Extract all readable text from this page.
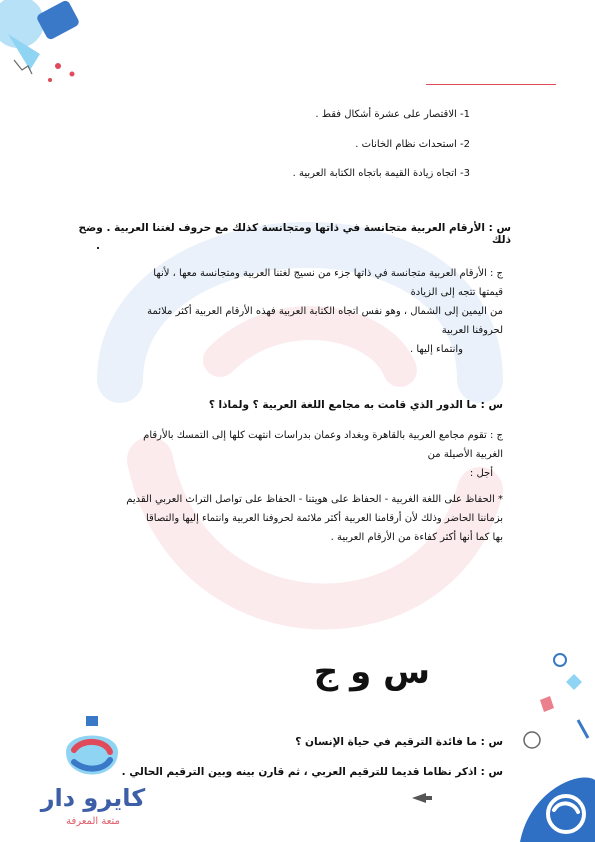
1- الاقتصار على عشرة أشكال فقط .
2- استحداث نظام الخانات .
3- اتجاه زيادة القيمة باتجاه الكتابة العربية .
س : الأرقام العربية متجانسة في ذاتها ومتجانسة كذلك مع حروف لغتنا العربية . وضح ذلك
.
ج : الأرقام العربية متجانسة في ذاتها جزء من نسيج لغتنا العربية ومتجانسة معها ، لأنها
قيمتها تتجه إلى الزيادة
من اليمين إلى الشمال ، وهو نفس اتجاه الكتابة العربية فهذه الأرقام العربية أكثر ملائمة
لحروفنا العربية
وانتماء إليها .
س : ما الدور الذي قامت به مجامع اللغة العربية ؟ ولماذا ؟
ج : تقوم مجامع العربية بالقاهرة وبغداد وعمان بدراسات انتهت كلها إلى التمسك بالأرقام
الغربية الأصيلة من
أجل :
* الحفاظ على اللغة الغربية - الحفاظ على هويتنا - الحفاظ على تواصل التراث العربي القديم
بزماننا الحاضر وذلك لأن أرقامنا العربية أكثر ملائمة لحروفنا العربية وانتماء إليها والتصاقا
بها كما أنها أكثر كفاءة من الأرقام العربية .
س و ج
س : ما فائدة الترقيم في حياة الإنسان ؟
س : اذكر نظاما قديما للترقيم العربي ، ثم قارن بينه وبين الترقيم الحالي .
كايرو دار
متعة المعرفة
